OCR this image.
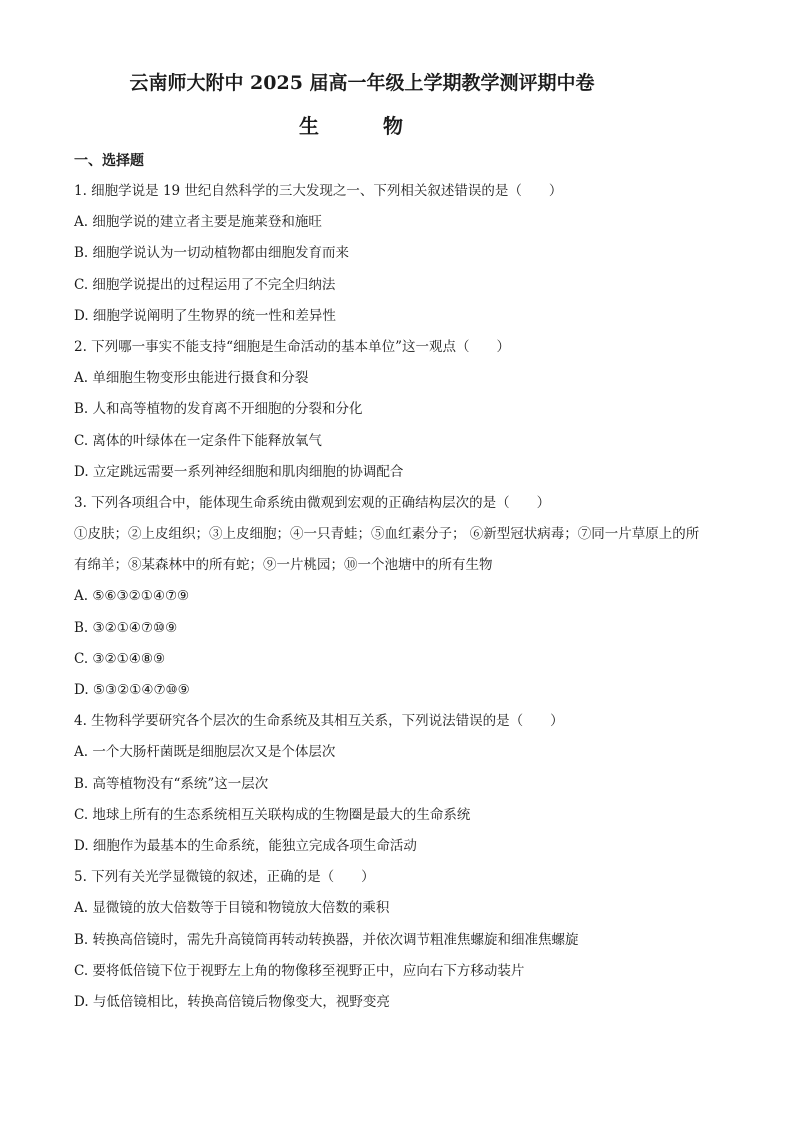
云南师大附中 2025 届高一年级上学期教学测评期中卷
生　物
一、选择题
1. 细胞学说是 19 世纪自然科学的三大发现之一、下列相关叙述错误的是（　　）
A. 细胞学说的建立者主要是施莱登和施旺
B. 细胞学说认为一切动植物都由细胞发育而来
C. 细胞学说提出的过程运用了不完全归纳法
D. 细胞学说阐明了生物界的统一性和差异性
2. 下列哪一事实不能支持“细胞是生命活动的基本单位”这一观点（　　）
A. 单细胞生物变形虫能进行摄食和分裂
B. 人和高等植物的发育离不开细胞的分裂和分化
C. 离体的叶绿体在一定条件下能释放氧气
D. 立定跳远需要一系列神经细胞和肌肉细胞的协调配合
3. 下列各项组合中，能体现生命系统由微观到宏观的正确结构层次的是（　　）
①皮肤；②上皮组织；③上皮细胞；④一只青蛙；⑤血红素分子； ⑥新型冠状病毒；⑦同一片草原上的所
有绵羊；⑧某森林中的所有蛇；⑨一片桃园；⑩一个池塘中的所有生物
A. ⑤⑥③②①④⑦⑨
B. ③②①④⑦⑩⑨
C. ③②①④⑧⑨
D. ⑤③②①④⑦⑩⑨
4. 生物科学要研究各个层次的生命系统及其相互关系，下列说法错误的是（　　）
A. 一个大肠杆菌既是细胞层次又是个体层次
B. 高等植物没有“系统”这一层次
C. 地球上所有的生态系统相互关联构成的生物圈是最大的生命系统
D. 细胞作为最基本的生命系统，能独立完成各项生命活动
5. 下列有关光学显微镜的叙述，正确的是（　　）
A. 显微镜的放大倍数等于目镜和物镜放大倍数的乘积
B. 转换高倍镜时，需先升高镜筒再转动转换器，并依次调节粗准焦螺旋和细准焦螺旋
C. 要将低倍镜下位于视野左上角的物像移至视野正中，应向右下方移动装片
D. 与低倍镜相比，转换高倍镜后物像变大，视野变亮
